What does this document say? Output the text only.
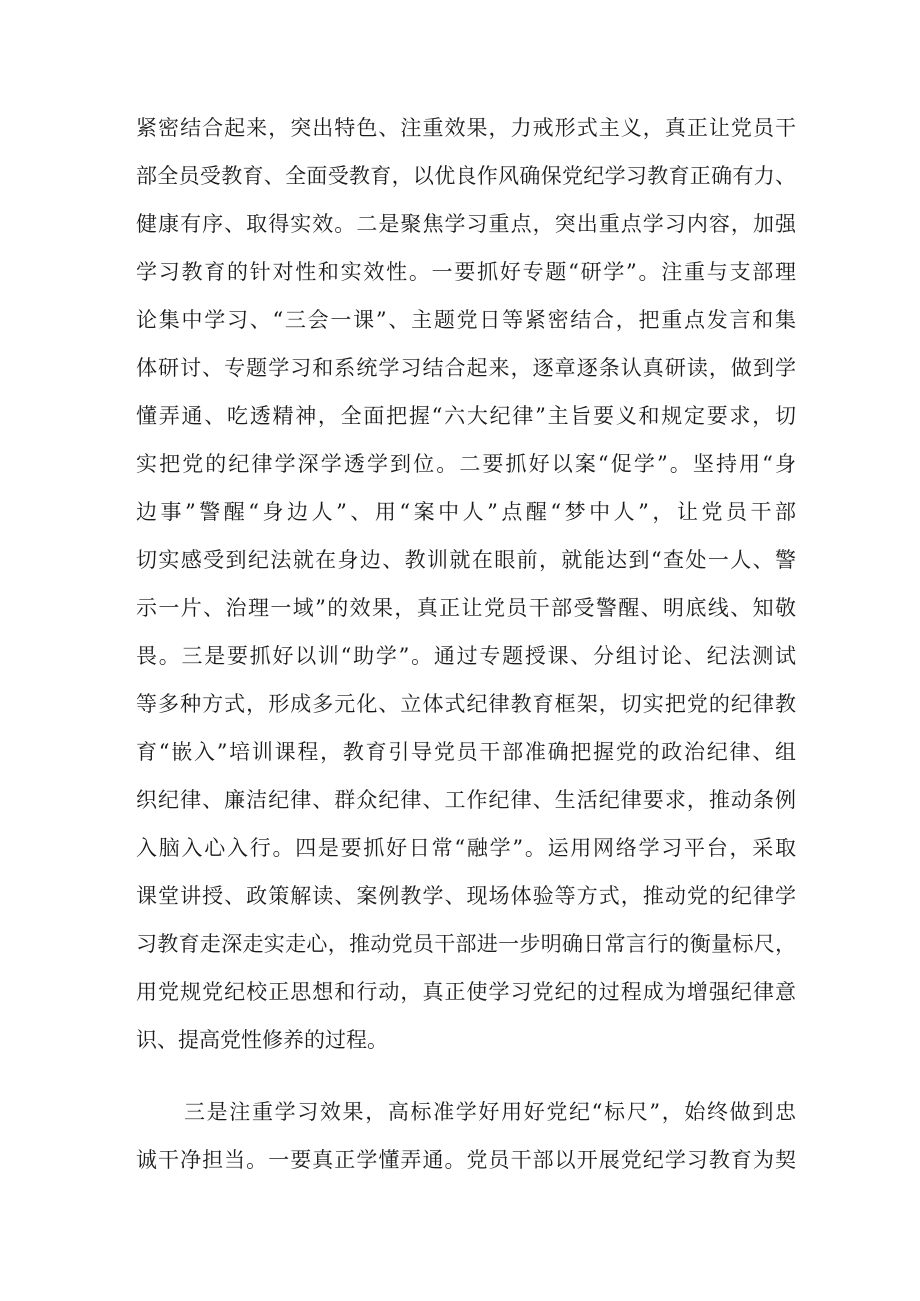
紧密结合起来，突出特色、注重效果，力戒形式主义，真正让党员干
部全员受教育、全面受教育，以优良作风确保党纪学习教育正确有力、
健康有序、取得实效。二是聚焦学习重点，突出重点学习内容，加强
学习教育的针对性和实效性。一要抓好专题“研学”。注重与支部理
论集中学习、“三会一课”、主题党日等紧密结合，把重点发言和集
体研讨、专题学习和系统学习结合起来，逐章逐条认真研读，做到学
懂弄通、吃透精神，全面把握“六大纪律”主旨要义和规定要求，切
实把党的纪律学深学透学到位。二要抓好以案“促学”。坚持用“身
边事”警醒“身边人”、用“案中人”点醒“梦中人”，让党员干部
切实感受到纪法就在身边、教训就在眼前，就能达到“查处一人、警
示一片、治理一域”的效果，真正让党员干部受警醒、明底线、知敬
畏。三是要抓好以训“助学”。通过专题授课、分组讨论、纪法测试
等多种方式，形成多元化、立体式纪律教育框架，切实把党的纪律教
育“嵌入”培训课程，教育引导党员干部准确把握党的政治纪律、组
织纪律、廉洁纪律、群众纪律、工作纪律、生活纪律要求，推动条例
入脑入心入行。四是要抓好日常“融学”。运用网络学习平台，采取
课堂讲授、政策解读、案例教学、现场体验等方式，推动党的纪律学
习教育走深走实走心，推动党员干部进一步明确日常言行的衡量标尺，
用党规党纪校正思想和行动，真正使学习党纪的过程成为增强纪律意
识、提高党性修养的过程。
三是注重学习效果，高标准学好用好党纪“标尺”，始终做到忠
诚干净担当。一要真正学懂弄通。党员干部以开展党纪学习教育为契
